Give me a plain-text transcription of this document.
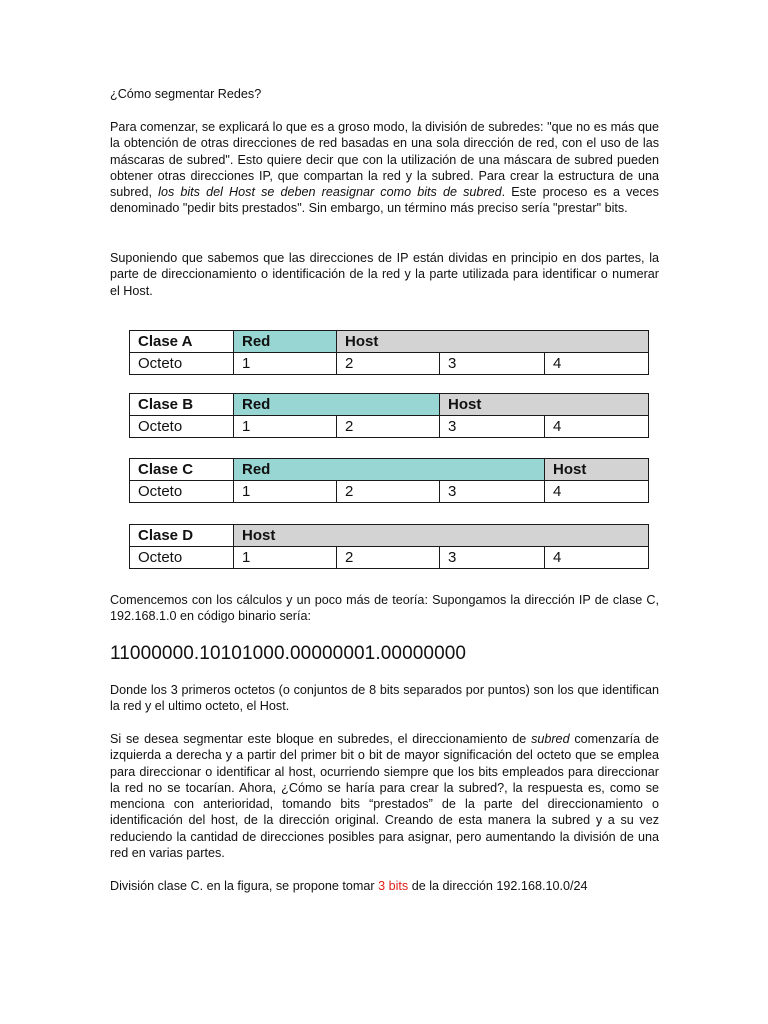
¿Cómo segmentar Redes?

Para comenzar, se explicará lo que es a groso modo, la división de subredes: "que no es más que la obtención de otras direcciones de red basadas en una sola dirección de red, con el uso de las máscaras de subred". Esto quiere decir que con la utilización de una máscara de subred pueden obtener otras direcciones IP, que compartan la red y la subred. Para crear la estructura de una subred, los bits del Host se deben reasignar como bits de subred. Este proceso es a veces denominado "pedir bits prestados". Sin embargo, un término más preciso sería "prestar" bits.

Suponiendo que sabemos que las direcciones de IP están dividas en principio en dos partes, la parte de direccionamiento o identificación de la red y la parte utilizada para identificar o numerar el Host.

Clase A	Red	Host		
Octeto	1	2	3	4
Clase B	Red		Host	
Octeto	1	2	3	4
Clase C	Red			Host
Octeto	1	2	3	4
Clase D	Host			
Octeto	1	2	3	4

Comencemos con los cálculos y un poco más de teoría: Supongamos la dirección IP de clase C, 192.168.1.0 en código binario sería:

11000000.10101000.00000001.00000000

Donde los 3 primeros octetos (o conjuntos de 8 bits separados por puntos) son los que identifican la red y el ultimo octeto, el Host.

Si se desea segmentar este bloque en subredes, el direccionamiento de subred comenzaría de izquierda a derecha y a partir del primer bit o bit de mayor significación del octeto que se emplea para direccionar o identificar al host, ocurriendo siempre que los bits empleados para direccionar la red no se tocarían. Ahora, ¿Cómo se haría para crear la subred?, la respuesta es, como se menciona con anterioridad, tomando bits “prestados” de la parte del direccionamiento o identificación del host, de la dirección original. Creando de esta manera la subred y a su vez reduciendo la cantidad de direcciones posibles para asignar, pero aumentando la división de una red en varias partes.

División clase C. en la figura, se propone tomar 3 bits de la dirección 192.168.10.0/24
